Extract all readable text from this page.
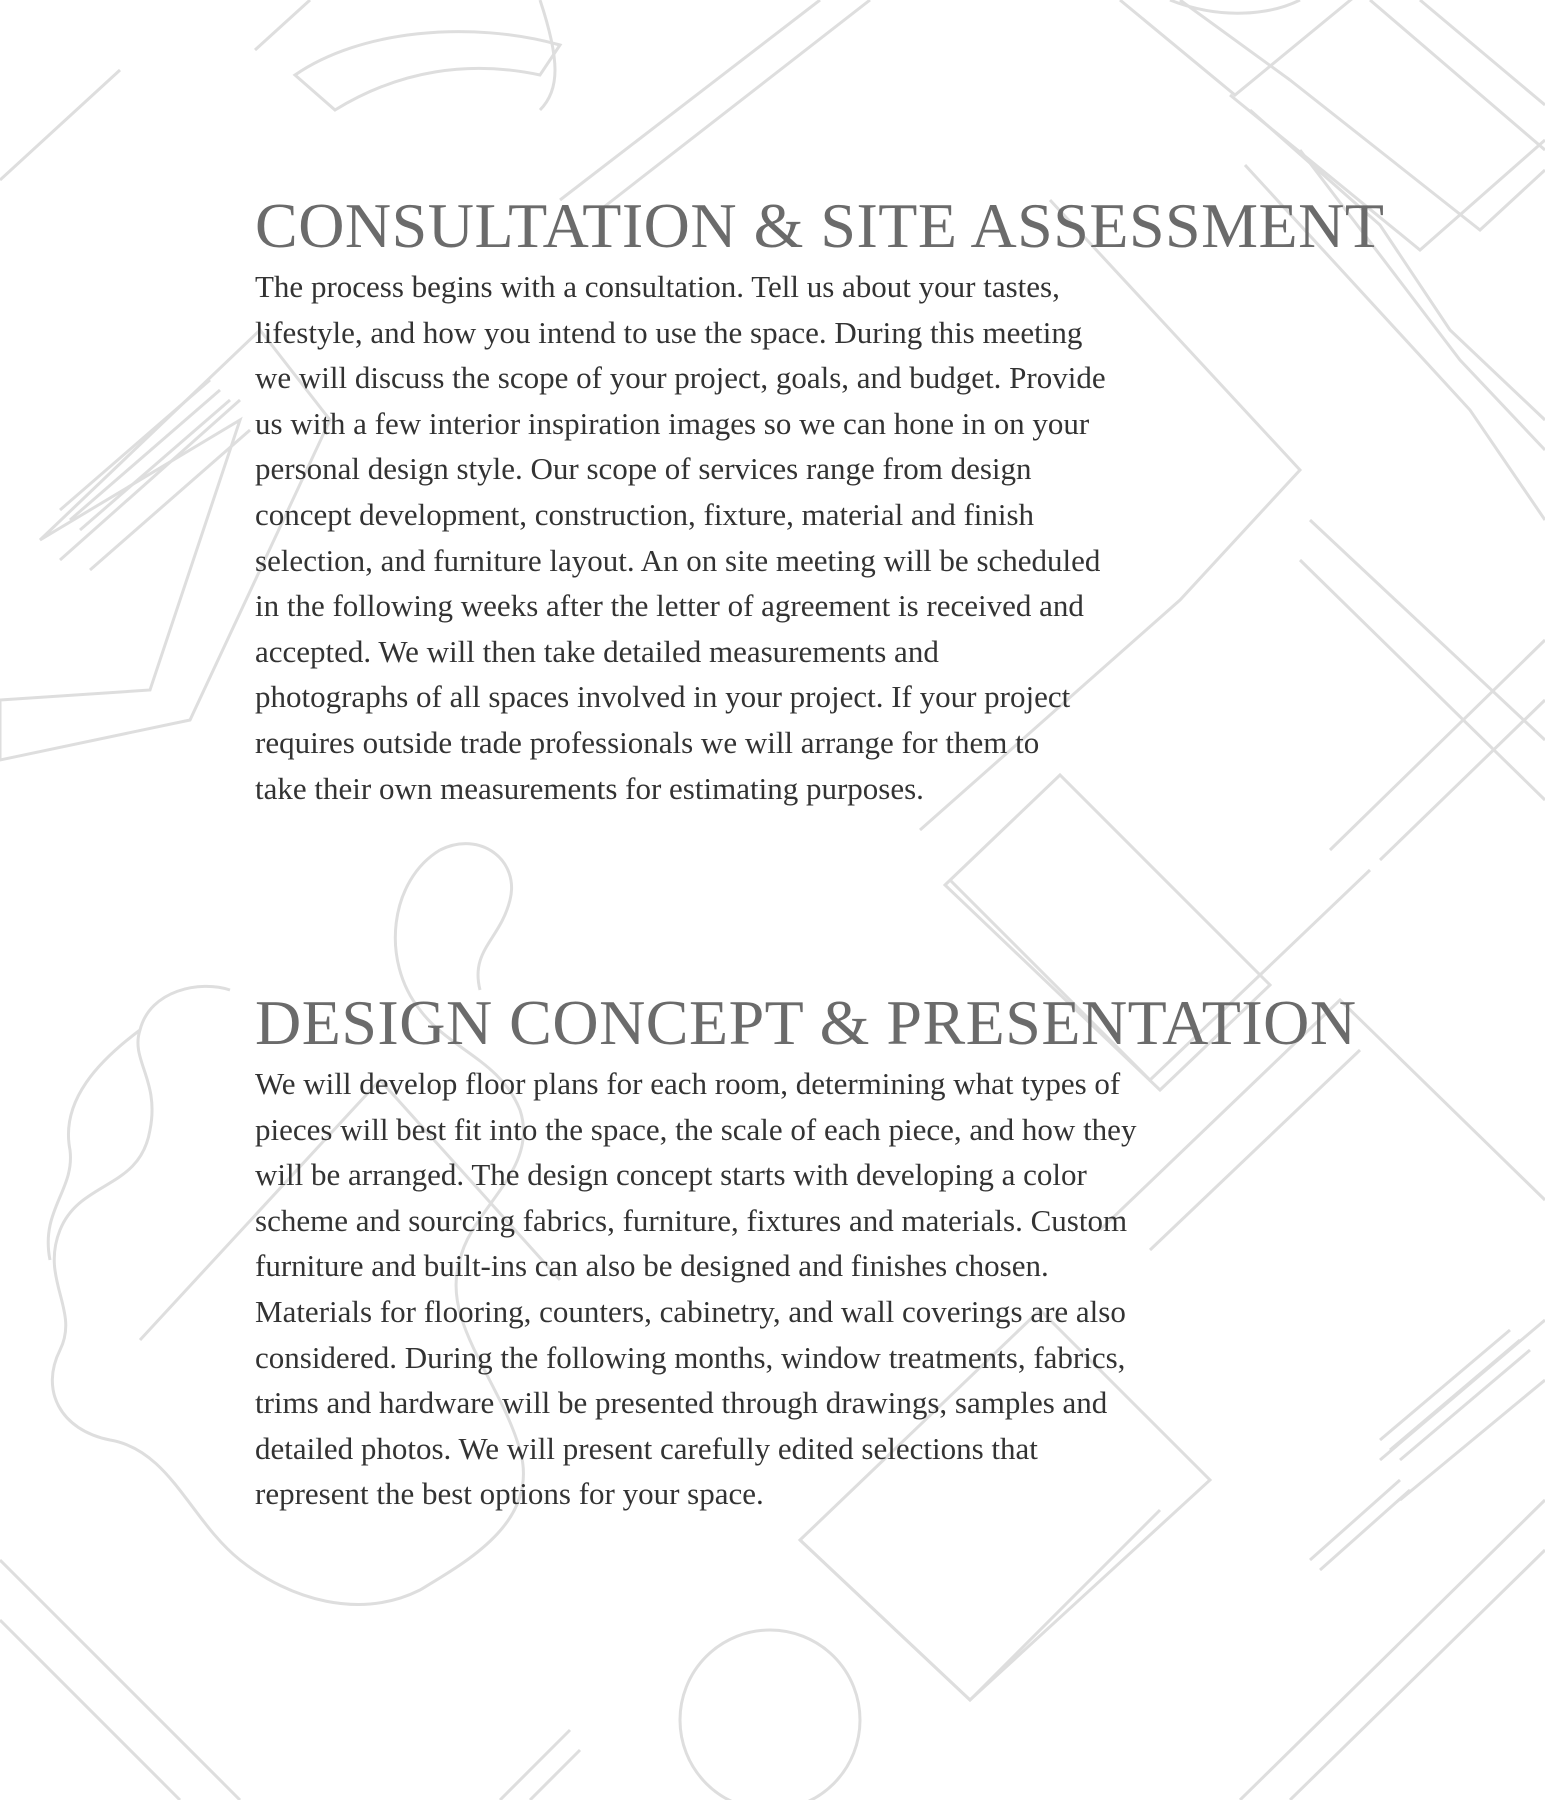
CONSULTATION & SITE ASSESSMENT
The process begins with a consultation. Tell us about your tastes,
lifestyle, and how you intend to use the space. During this meeting
we will discuss the scope of your project, goals, and budget. Provide
us with a few interior inspiration images so we can hone in on your
personal design style. Our scope of services range from design
concept development, construction, fixture, material and finish
selection, and furniture layout. An on site meeting will be scheduled
in the following weeks after the letter of agreement is received and
accepted. We will then take detailed measurements and
photographs of all spaces involved in your project. If your project
requires outside trade professionals we will arrange for them to
take their own measurements for estimating purposes.
DESIGN CONCEPT & PRESENTATION
We will develop floor plans for each room, determining what types of
pieces will best fit into the space, the scale of each piece, and how they
will be arranged. The design concept starts with developing a color
scheme and sourcing fabrics, furniture, fixtures and materials. Custom
furniture and built-ins can also be designed and finishes chosen.
Materials for flooring, counters, cabinetry, and wall coverings are also
considered. During the following months, window treatments, fabrics,
trims and hardware will be presented through drawings, samples and
detailed photos. We will present carefully edited selections that
represent the best options for your space.
